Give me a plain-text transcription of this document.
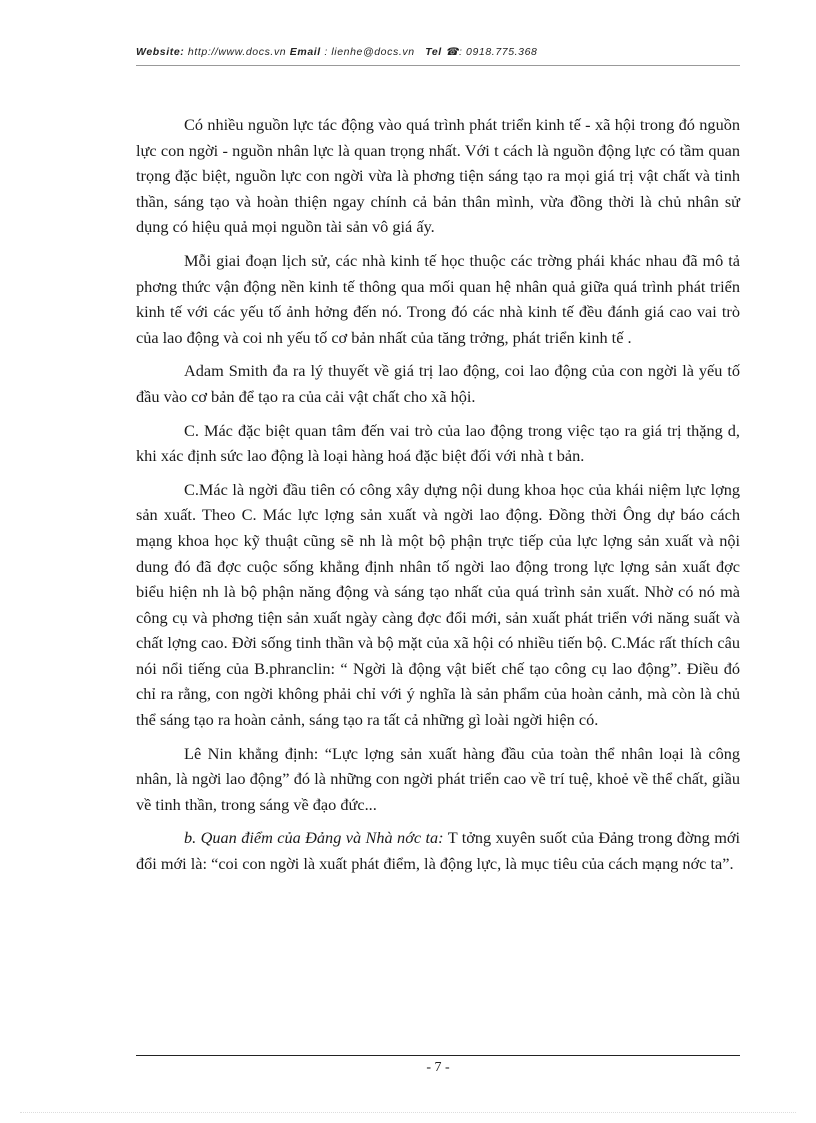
Website: http://www.docs.vn Email : lienhe@docs.vn Tel ☎: 0918.775.368

Có nhiều nguồn lực tác động vào quá trình phát triển kinh tế - xã hội trong đó nguồn lực con ngời - nguồn nhân lực là quan trọng nhất. Với t cách là nguồn động lực có tầm quan trọng đặc biệt, nguồn lực con ngời vừa là phơng tiện sáng tạo ra mọi giá trị vật chất và tinh thần, sáng tạo và hoàn thiện ngay chính cả bản thân mình, vừa đồng thời là chủ nhân sử dụng có hiệu quả mọi nguồn tài sản vô giá ấy.

Mỗi giai đoạn lịch sử, các nhà kinh tế học thuộc các trờng phái khác nhau đã mô tả phơng thức vận động nền kinh tế thông qua mối quan hệ nhân quả giữa quá trình phát triển kinh tế với các yếu tố ảnh hởng đến nó. Trong đó các nhà kinh tế đều đánh giá cao vai trò của lao động và coi nh yếu tố cơ bản nhất của tăng trởng, phát triển kinh tế .

Adam Smith đa ra lý thuyết về giá trị lao động, coi lao động của con ngời là yếu tố đầu vào cơ bản để tạo ra của cải vật chất cho xã hội.

C. Mác đặc biệt quan tâm đến vai trò của lao động trong việc tạo ra giá trị thặng d, khi xác định sức lao động là loại hàng hoá đặc biệt đối với nhà t bản.

C.Mác là ngời đầu tiên có công xây dựng nội dung khoa học của khái niệm lực lợng sản xuất. Theo C. Mác lực lợng sản xuất và ngời lao động. Đồng thời Ông dự báo cách mạng khoa học kỹ thuật cũng sẽ nh là một bộ phận trực tiếp của lực lợng sản xuất và nội dung đó đã đợc cuộc sống khẳng định nhân tố ngời lao động trong lực lợng sản xuất đợc biểu hiện nh là bộ phận năng động và sáng tạo nhất của quá trình sản xuất. Nhờ có nó mà công cụ và phơng tiện sản xuất ngày càng đợc đổi mới, sản xuất phát triển với năng suất và chất lợng cao. Đời sống tinh thần và bộ mặt của xã hội có nhiều tiến bộ. C.Mác rất thích câu nói nổi tiếng của B.phranclin: “ Ngời là động vật biết chế tạo công cụ lao động”. Điều đó chỉ ra rằng, con ngời không phải chỉ với ý nghĩa là sản phẩm của hoàn cảnh, mà còn là chủ thể sáng tạo ra hoàn cảnh, sáng tạo ra tất cả những gì loài ngời hiện có.

Lê Nin khẳng định: “Lực lợng sản xuất hàng đầu của toàn thể nhân loại là công nhân, là ngời lao động” đó là những con ngời phát triển cao về trí tuệ, khoẻ về thể chất, giầu về tinh thần, trong sáng về đạo đức...

b. Quan điểm của Đảng và Nhà nớc ta: T tởng xuyên suốt của Đảng trong đờng mới đổi mới là: “coi con ngời là xuất phát điểm, là động lực, là mục tiêu của cách mạng nớc ta”.

- 7 -
